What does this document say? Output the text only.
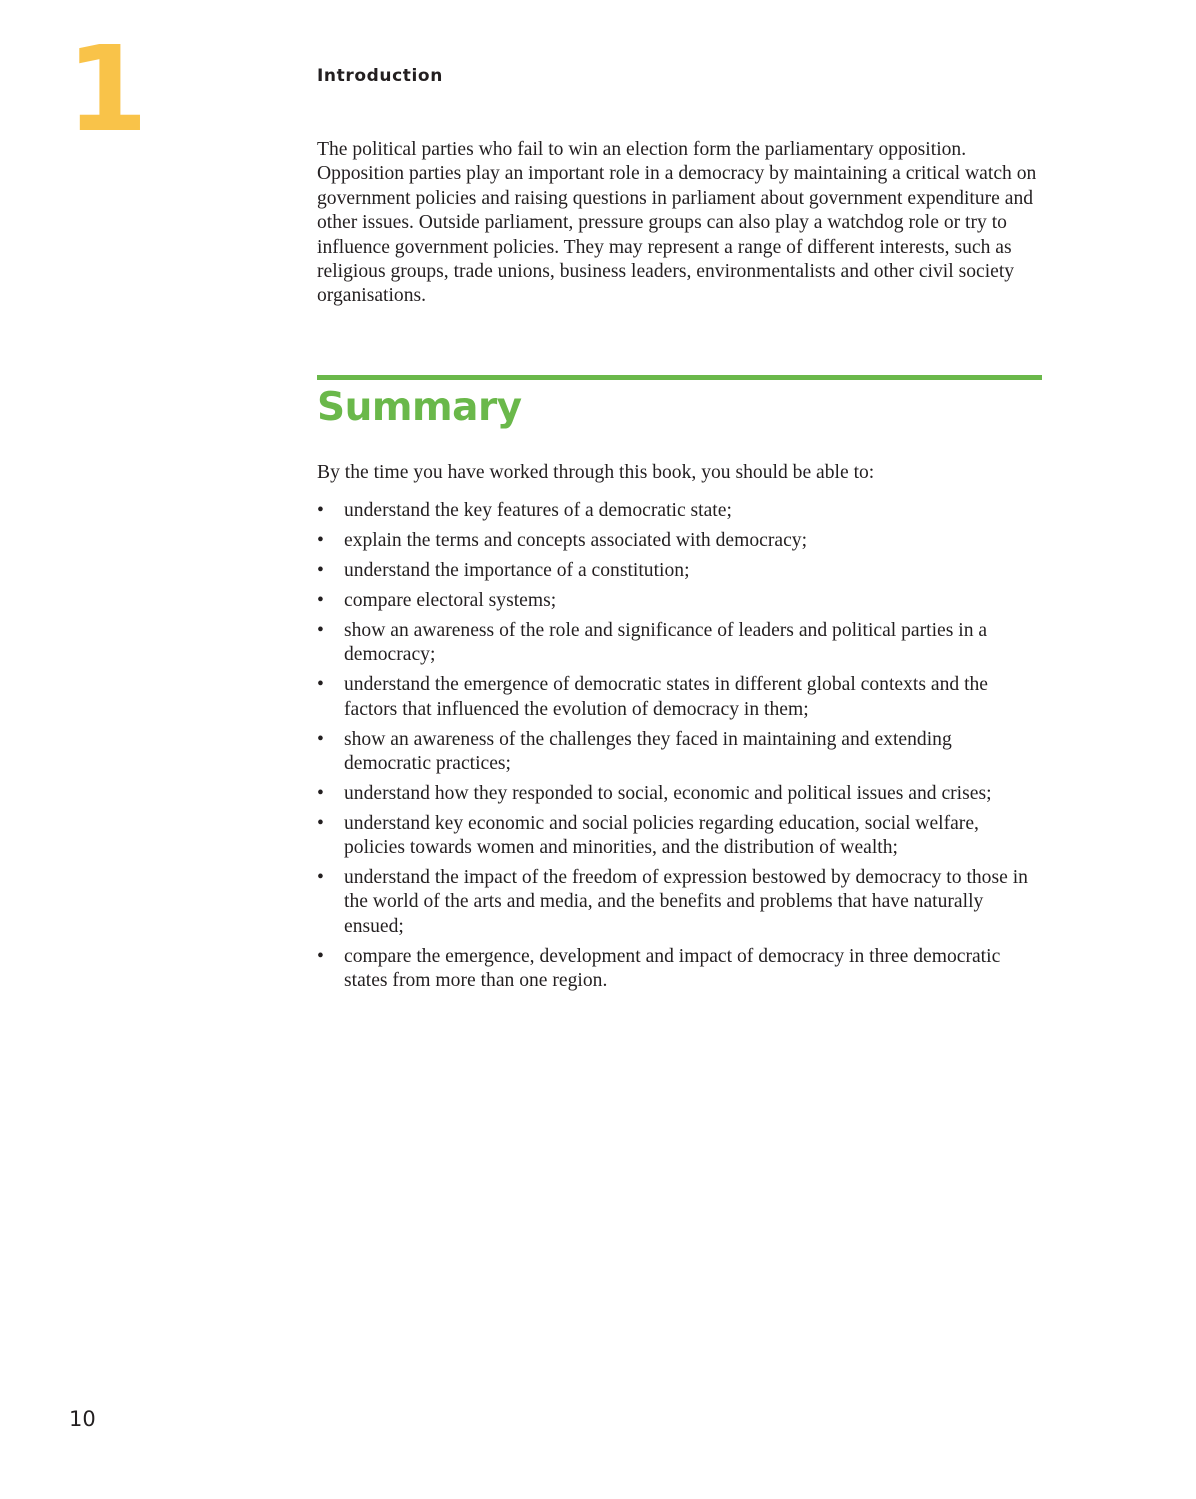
1	Introduction

The political parties who fail to win an election form the parliamentary opposition. Opposition parties play an important role in a democracy by maintaining a critical watch on government policies and raising questions in parliament about government expenditure and other issues. Outside parliament, pressure groups can also play a watchdog role or try to influence government policies. They may represent a range of different interests, such as religious groups, trade unions, business leaders, environmentalists and other civil society organisations.

Summary

By the time you have worked through this book, you should be able to:

• understand the key features of a democratic state;
• explain the terms and concepts associated with democracy;
• understand the importance of a constitution;
• compare electoral systems;
• show an awareness of the role and significance of leaders and political parties in a democracy;
• understand the emergence of democratic states in different global contexts and the factors that influenced the evolution of democracy in them;
• show an awareness of the challenges they faced in maintaining and extending democratic practices;
• understand how they responded to social, economic and political issues and crises;
• understand key economic and social policies regarding education, social welfare, policies towards women and minorities, and the distribution of wealth;
• understand the impact of the freedom of expression bestowed by democracy to those in the world of the arts and media, and the benefits and problems that have naturally ensued;
• compare the emergence, development and impact of democracy in three democratic states from more than one region.
10
